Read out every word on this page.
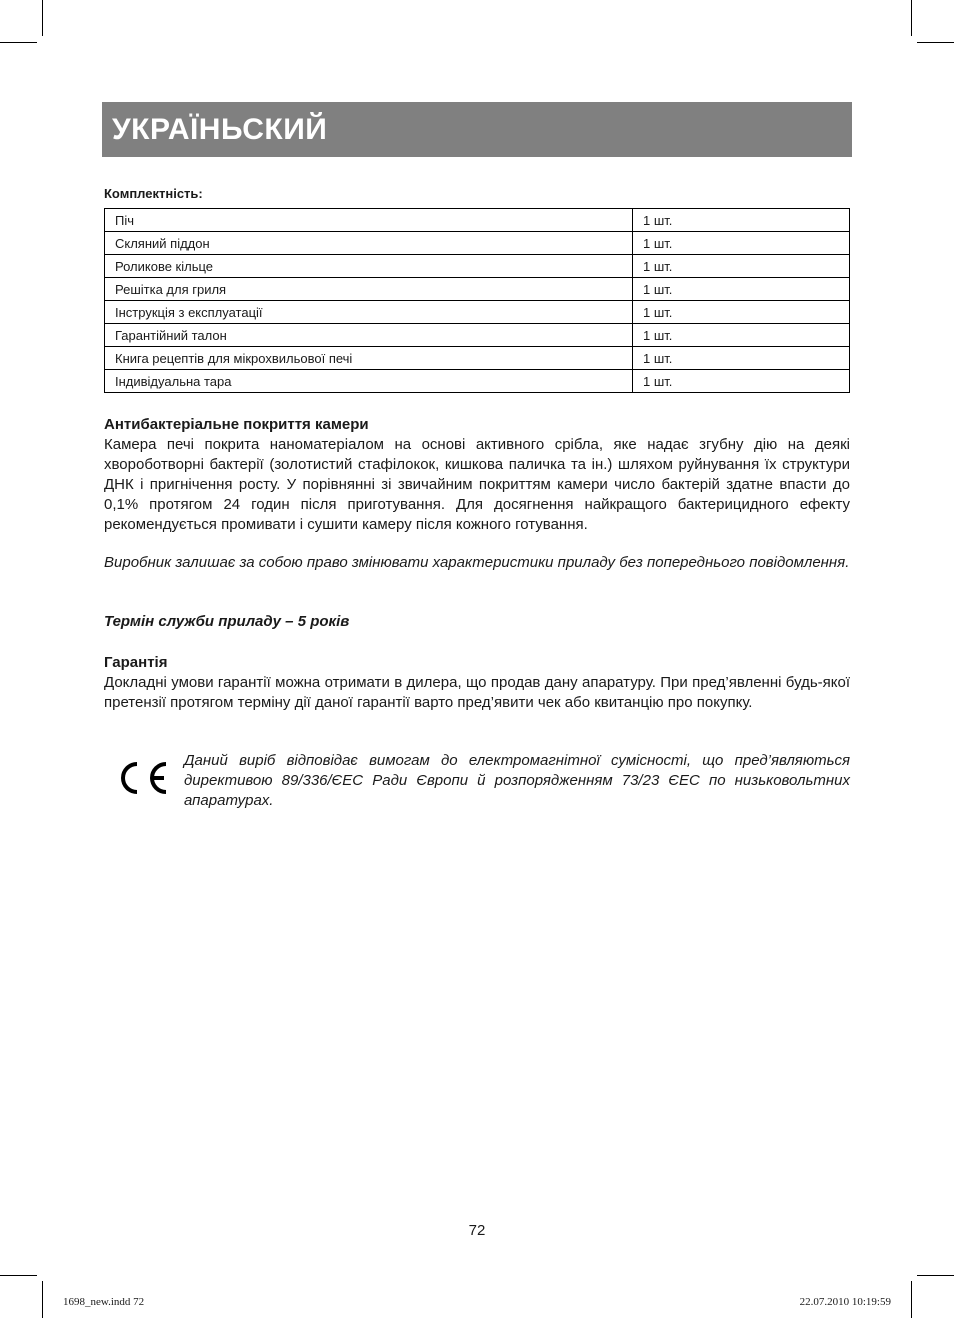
УКРАЇНЬСКИЙ
Комплектність:
Піч	1 шт.
Скляний піддон	1 шт.
Роликове кільце	1 шт.
Решітка для гриля	1 шт.
Інструкція з експлуатації	1 шт.
Гарантійний талон	1 шт.
Книга рецептів для мікрохвильової печі	1 шт.
Індивідуальна тара	1 шт.
Антибактеріальне покриття камери

Камера печі покрита наноматеріалом на основі активного срібла, яке надає згубну дію на деякі хвороботворні бактерії (золотистий стафілокок, кишкова паличка та ін.) шляхом руйнування їх структури ДНК і пригнічення росту. У порівнянні зі звичайним покриттям камери число бактерій здатне впасти до 0,1% протягом 24 годин після приготування. Для досягнення найкращого бактерицидного ефекту рекомендується промивати і сушити камеру після кожного готування.

Виробник залишає за собою право змінювати характеристики приладу без попереднього повідомлення.

Термін служби приладу – 5 років
Гарантія

Докладні умови гарантії можна отримати в дилера, що продав дану апаратуру. При пред’явленні будь-якої претензії протягом терміну дії даної гарантії варто пред’явити чек або квитанцію про покупку.

Даний виріб відповідає вимогам до електромагнітної сумісності, що пред’являються директивою 89/336/ЄЕС Ради Європи й розпорядженням 73/23 ЄЕС по низьковольтних апаратурах.

72
1698_new.indd 72	22.07.2010 10:19:59
